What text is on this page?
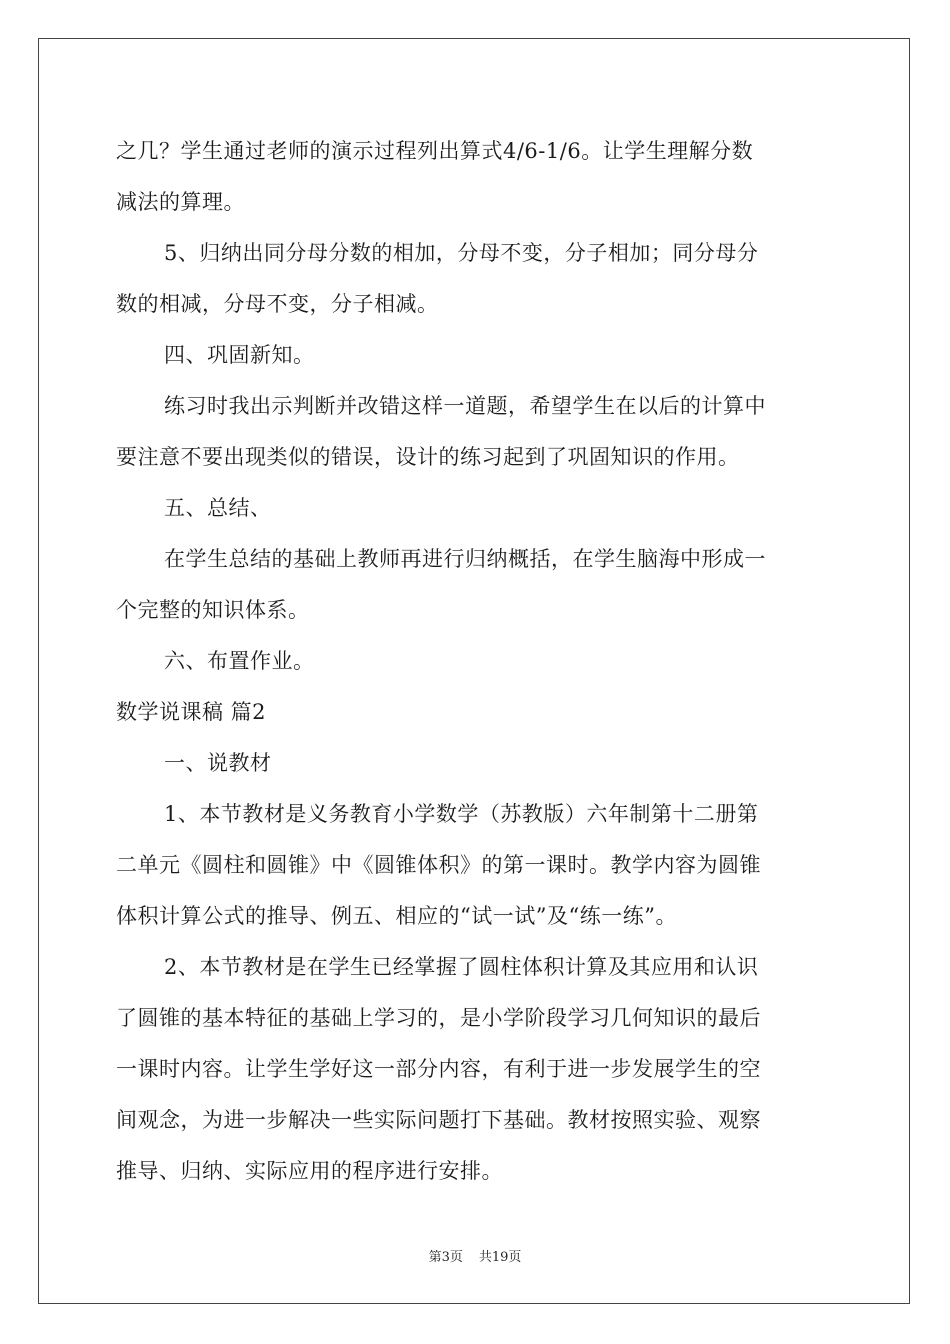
之几？学生通过老师的演示过程列出算式4/6-1/6。让学生理解分数
减法的算理。
5、归纳出同分母分数的相加，分母不变，分子相加；同分母分
数的相减，分母不变，分子相减。
四、巩固新知。
练习时我出示判断并改错这样一道题，希望学生在以后的计算中
要注意不要出现类似的错误，设计的练习起到了巩固知识的作用。
五、总结、
在学生总结的基础上教师再进行归纳概括，在学生脑海中形成一
个完整的知识体系。
六、布置作业。
数学说课稿 篇2
一、说教材
1、本节教材是义务教育小学数学（苏教版）六年制第十二册第
二单元《圆柱和圆锥》中《圆锥体积》的第一课时。教学内容为圆锥
体积计算公式的推导、例五、相应的“试一试”及“练一练”。
2、本节教材是在学生已经掌握了圆柱体积计算及其应用和认识
了圆锥的基本特征的基础上学习的，是小学阶段学习几何知识的最后
一课时内容。让学生学好这一部分内容，有利于进一步发展学生的空
间观念，为进一步解决一些实际问题打下基础。教材按照实验、观察
推导、归纳、实际应用的程序进行安排。
第3页 共19页
